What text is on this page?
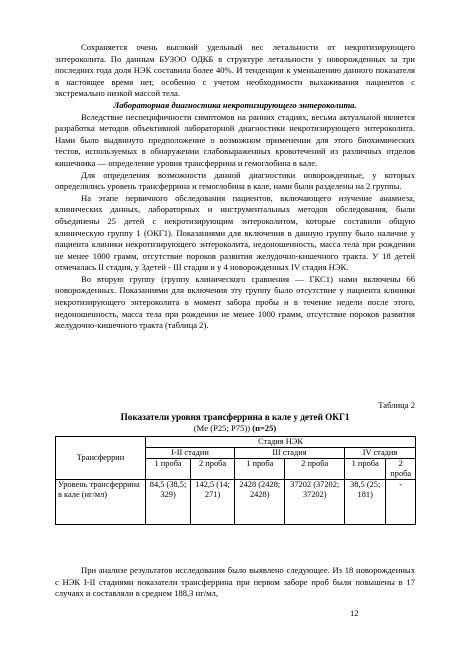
Сохраняется очень высокий удельный вес летальности от некротизирующего энтероколита. По данным БУЗОО ОДКБ в структуре летальности у новорожденных за три последних года доля НЭК составила более 40%. И тенденции к уменьшению данного показателя в настоящее время нет, особенно с учетом необходимости выхаживания пациентов с экстремально низкой массой тела.

Лабораторная диагностика некротизирующего энтероколита.

Вследствие неспецифичности симптомов на ранних стадиях, весьма актуальной является разработка методов объективной лабораторной диагностики некротизирующего энтероколита. Нами было выдвинуто предположение о возможном применении для этого биохимических тестов, используемых в обнаружении слабовыраженных кровотечений из различных отделов кишечника — определение уровня трансферрина и гемоглобина в кале.

Для определения возможности данной диагностики новорожденные, у которых определялись уровень трансферрина и гемоглобина в кале, нами были разделены на 2 группы.

На этапе первичного обследования пациентов, включающего изучение анамнеза, клинических данных, лабораторных и инструментальных методов обследования, были объединены 25 детей с некротизирующим энтероколитом, которые составили общую клиническую группу 1 (ОКГ1). Показаниями для включения в данную группу было наличие у пациента клиники некротизирующего энтероколита, недоношенность, масса тела при рождении не менее 1000 грамм, отсутствие пороков развития желудочно-кишечного тракта. У 18 детей отмечалась II стадия, у 3детей - III стадия и у 4 новорожденных IV стадия НЭК.

Во вторую группу (группу клинического сравнения — ГКС1) нами включены 66 новорожденных. Показаниями для включения эту группу было отсутствие у пациента клиники некротизирующего энтероколита в момент забора пробы и в течение недели после этого, недоношенность, масса тела при рождении не менее 1000 грамм, отсутствие пороков развития желудочно-кишечного тракта (таблица 2).

Таблица 2
Показатели уровня трансферрина в кале у детей ОКГ1
(Me (P25; P75)) (n=25)
Трансферрин	Стадия НЭК					
	I-II стадии		III стадия		IV стадия	
	1 проба	2 проба	1 проба	2 проба	1 проба	2 проба
Уровень трансферрина в кале (нг/мл)	84,5 (38,5; 329)	142,5 (14; 271)	2428 (2428; 2428)	37202 (37202; 37202)	38,5 (25; 181)	-

При анализе результатов исследования было выявлено следующее. Из 18 новорожденных с НЭК I-II стадиями показатели трансферрина при первом заборе проб были повышены в 17 случаях и составляли в среднем 188,3 нг/мл,

12
